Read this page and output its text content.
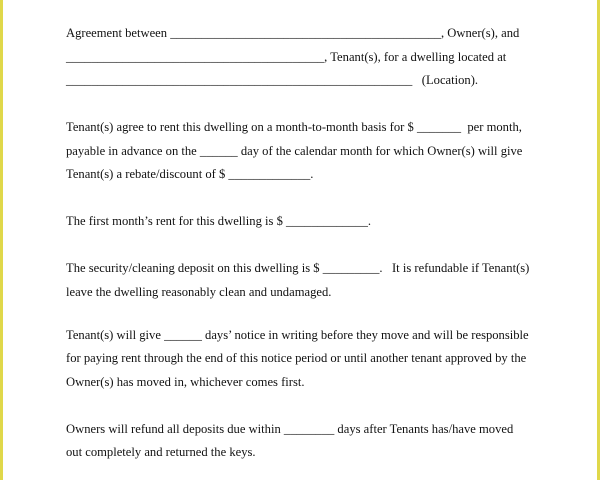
Agreement between ___________________________________________, Owner(s), and
_________________________________________, Tenant(s), for a dwelling located at
_______________________________________________________   (Location).
Tenant(s) agree to rent this dwelling on a month-to-month basis for $ _______  per month,
payable in advance on the ______ day of the calendar month for which Owner(s) will give
Tenant(s) a rebate/discount of $ _____________.
The first month’s rent for this dwelling is $ _____________.
The security/cleaning deposit on this dwelling is $ _________.   It is refundable if Tenant(s)
leave the dwelling reasonably clean and undamaged.
Tenant(s) will give ______ days’ notice in writing before they move and will be responsible
for paying rent through the end of this notice period or until another tenant approved by the
Owner(s) has moved in, whichever comes first.
Owners will refund all deposits due within ________ days after Tenants has/have moved
out completely and returned the keys.
